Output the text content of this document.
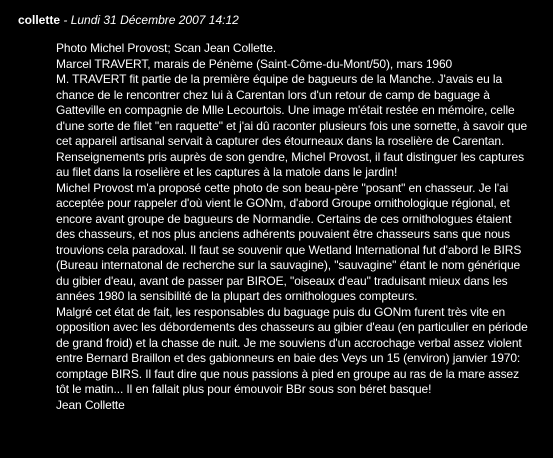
collette - Lundi 31 Décembre 2007 14:12

Photo Michel Provost; Scan Jean Collette.

Marcel TRAVERT, marais de Pénème (Saint-Côme-du-Mont/50), mars 1960

M. TRAVERT fit partie de la première équipe de bagueurs de la Manche. J'avais eu la chance de le rencontrer chez lui à Carentan lors d'un retour de camp de baguage à Gatteville en compagnie de Mlle Lecourtois. Une image m'était restée en mémoire, celle d'une sorte de filet "en raquette" et j'ai dû raconter plusieurs fois une sornette, à savoir que cet appareil artisanal servait à capturer des étourneaux dans la roselière de Carentan. Renseignements pris auprès de son gendre, Michel Provost, il faut distinguer les captures au filet dans la roselière et les captures à la matole dans le jardin!

Michel Provost m'a proposé cette photo de son beau-père "posant" en chasseur. Je l'ai acceptée pour rappeler d'où vient le GONm, d'abord Groupe ornithologique régional, et encore avant groupe de bagueurs de Normandie. Certains de ces ornithologues étaient des chasseurs, et nos plus anciens adhérents pouvaient être chasseurs sans que nous trouvions cela paradoxal. Il faut se souvenir que Wetland International fut d'abord le BIRS (Bureau internatonal de recherche sur la sauvagine), "sauvagine" étant le nom générique du gibier d'eau, avant de passer par BIROE, "oiseaux d'eau" traduisant mieux dans les années 1980 la sensibilité de la plupart des ornithologues compteurs.

Malgré cet état de fait, les responsables du baguage puis du GONm furent très vite en opposition avec les débordements des chasseurs au gibier d'eau (en particulier en période de grand froid) et la chasse de nuit. Je me souviens d'un accrochage verbal assez violent entre Bernard Braillon et des gabionneurs en baie des Veys un 15 (environ) janvier 1970: comptage BIRS. Il faut dire que nous passions à pied en groupe au ras de la mare assez tôt le matin... Il en fallait plus pour émouvoir BBr sous son béret basque!

Jean Collette
